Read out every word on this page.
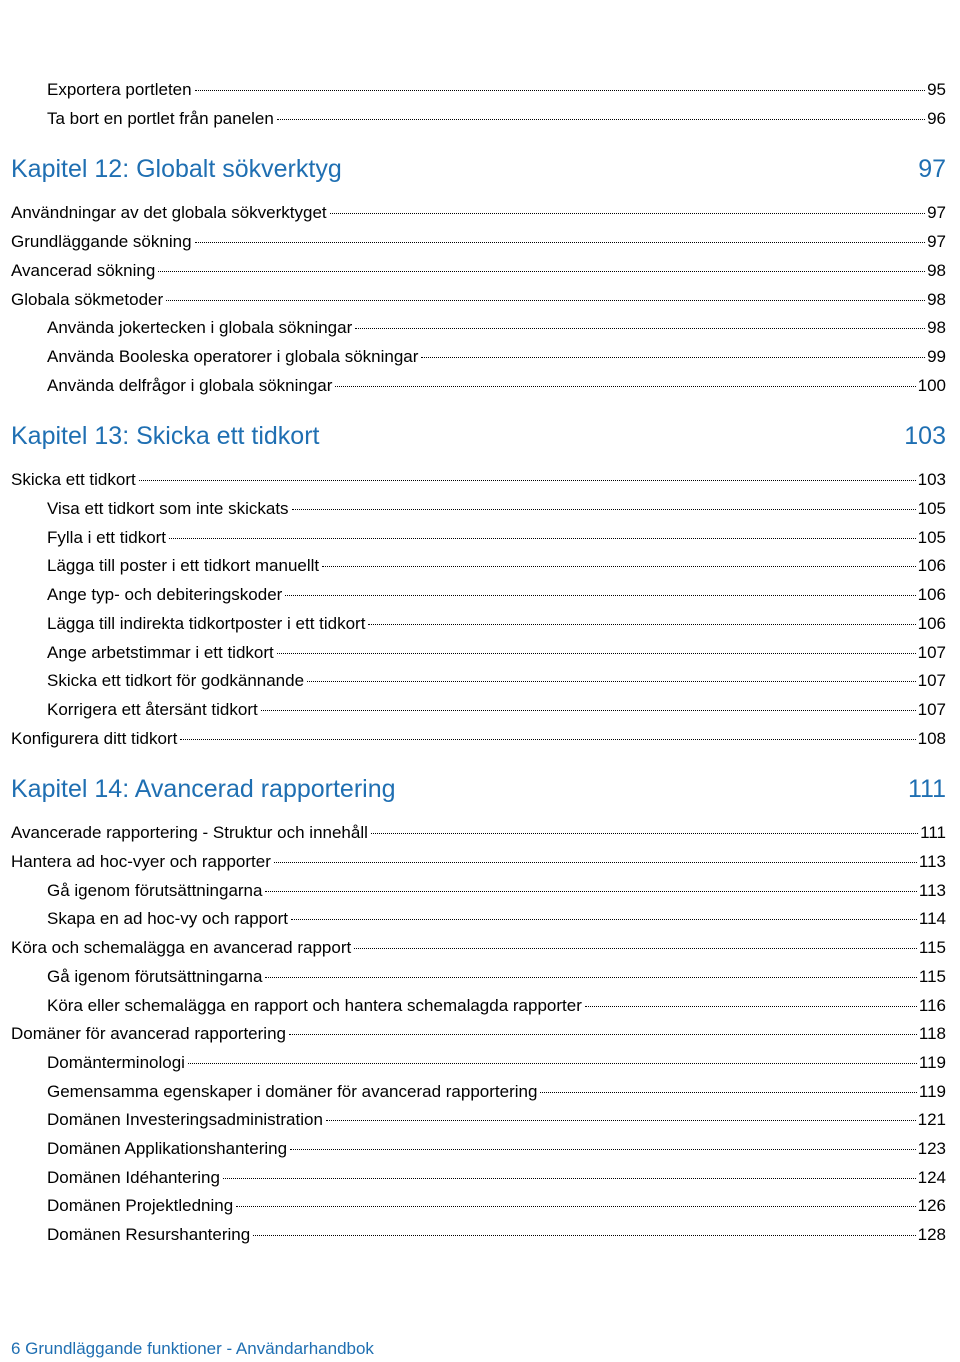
Exportera portleten	95
Ta bort en portlet från panelen	96
Kapitel 12: Globalt sökverktyg	97
Användningar av det globala sökverktyget	97
Grundläggande sökning	97
Avancerad sökning	98
Globala sökmetoder	98
Använda jokertecken i globala sökningar	98
Använda Booleska operatorer i globala sökningar	99
Använda delfrågor i globala sökningar	100
Kapitel 13: Skicka ett tidkort	103
Skicka ett tidkort	103
Visa ett tidkort som inte skickats	105
Fylla i ett tidkort	105
Lägga till poster i ett tidkort manuellt	106
Ange typ- och debiteringskoder	106
Lägga till indirekta tidkortposter i ett tidkort	106
Ange arbetstimmar i ett tidkort	107
Skicka ett tidkort för godkännande	107
Korrigera ett återsänt tidkort	107
Konfigurera ditt tidkort	108
Kapitel 14: Avancerad rapportering	111
Avancerade rapportering - Struktur och innehåll	111
Hantera ad hoc-vyer och rapporter	113
Gå igenom förutsättningarna	113
Skapa en ad hoc-vy och rapport	114
Köra och schemalägga en avancerad rapport	115
Gå igenom förutsättningarna	115
Köra eller schemalägga en rapport och hantera schemalagda rapporter	116
Domäner för avancerad rapportering	118
Domänterminologi	119
Gemensamma egenskaper i domäner för avancerad rapportering	119
Domänen Investeringsadministration	121
Domänen Applikationshantering	123
Domänen Idéhantering	124
Domänen Projektledning	126
Domänen Resurshantering	128
6 Grundläggande funktioner - Användarhandbok
